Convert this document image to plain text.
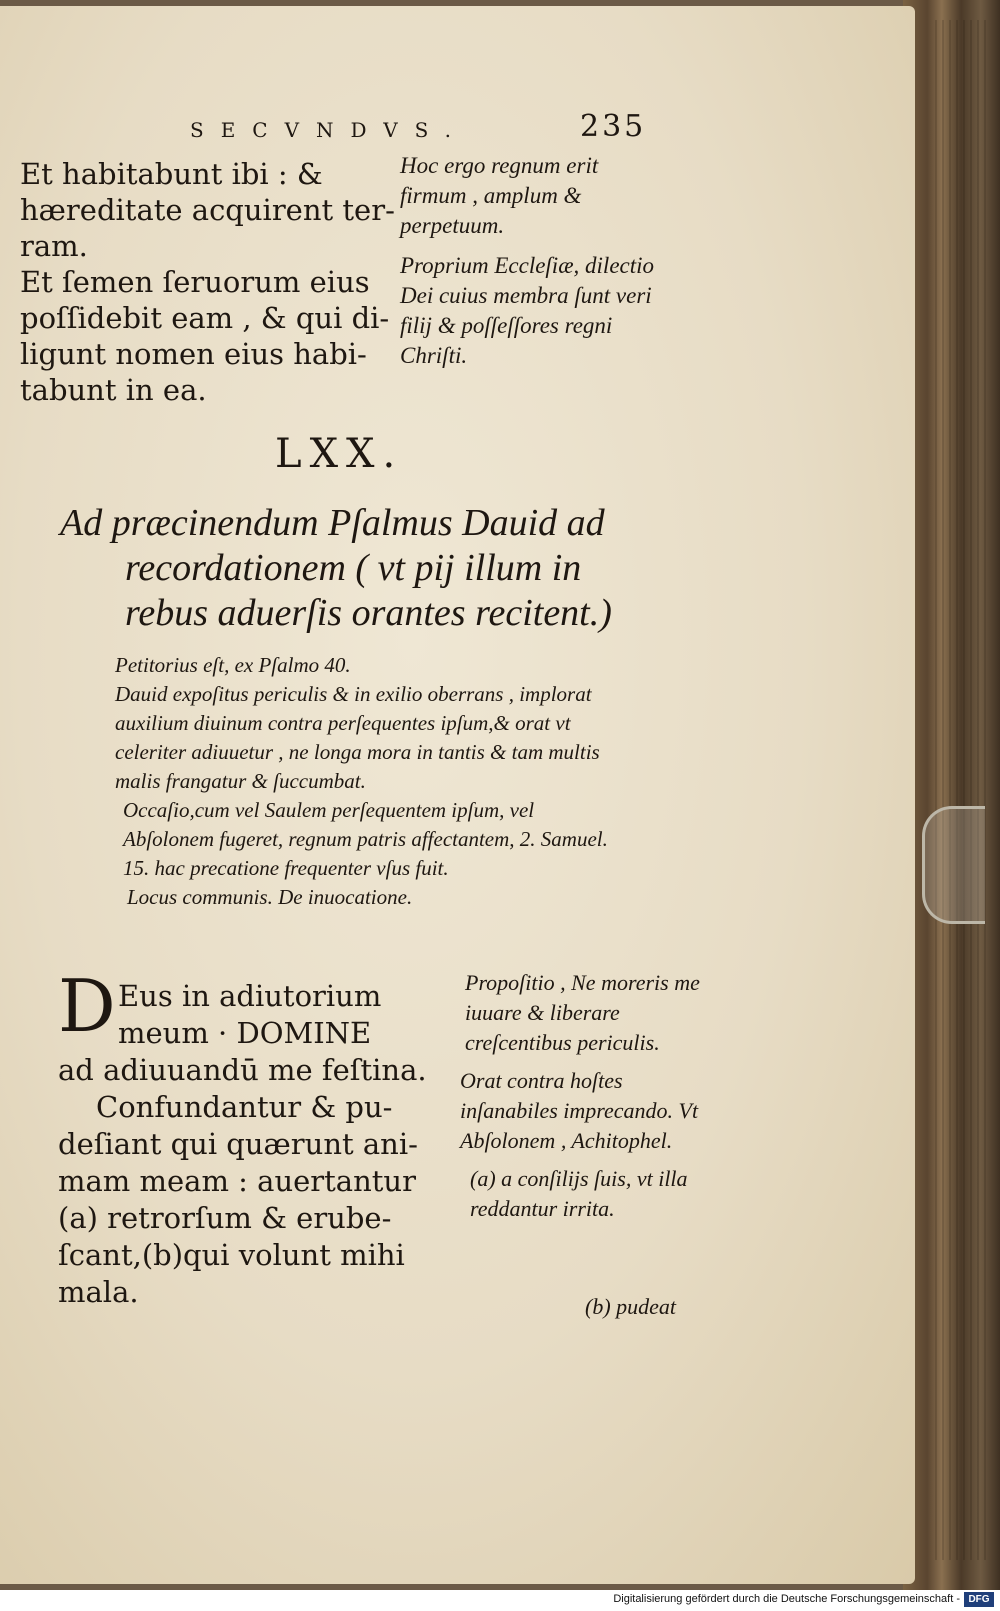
SECVNDVS.	235

Et habitabunt ibi : &

hæreditate acquirent ter-

ram.

Et ſemen ſeruorum eius

poſſidebit eam , & qui di-

ligunt nomen eius habi-

tabunt in ea.

Hoc ergo regnum erit firmum , amplum & perpetuum.

Proprium Eccleſiæ, dilectio Dei cuius membra ſunt veri filij & poſſeſſores regni Chriſti.

LXX.

Ad præcinendum Pſalmus Dauid ad

recordationem ( vt pij illum in

rebus aduerſis orantes recitent.)

Petitorius eſt, ex Pſalmo 40.

Dauid expoſitus periculis & in exilio oberrans , implorat auxilium diuinum contra perſequentes ipſum,& orat vt celeriter adiuuetur , ne longa mora in tantis & tam multis malis frangatur & ſuccumbat.

Occaſio,cum vel Saulem perſequentem ipſum, vel Abſolonem fugeret, regnum patris affectantem, 2. Samuel. 15. hac precatione frequenter vſus fuit.

Locus communis. De inuocatione.

D Eus in adiutorium

meum · DOMINE

ad adiuuandū me feſtina.

Confundantur & pu-

deſiant qui quærunt ani-

mam meam : auertantur

(a) retrorſum & erube-

ſcant,(b)qui volunt mihi

mala.

Propoſitio , Ne moreris me iuuare & liberare creſcentibus periculis.

Orat contra hoſtes inſanabiles imprecando. Vt Abſolonem , Achitophel.

(a) a conſilijs ſuis, vt illa reddantur irrita.

(b) pudeat
Digitalisierung gefördert durch die Deutsche Forschungsgemeinschaft - DFG
